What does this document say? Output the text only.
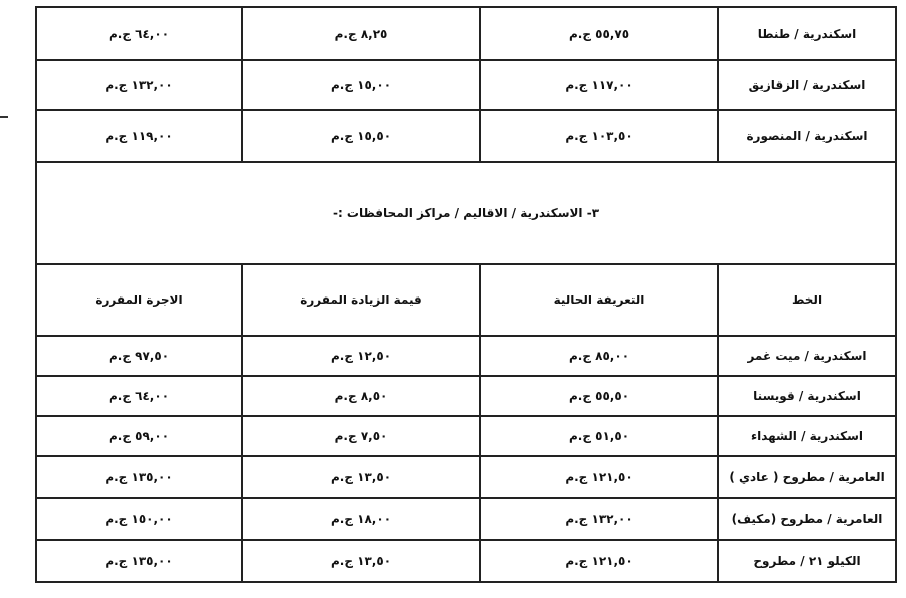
اسكندرية / طنطا	٥٥,٧٥ ج.م	٨,٢٥ ج.م	٦٤,٠٠ ج.م
اسكندرية / الزقازيق	١١٧,٠٠ ج.م	١٥,٠٠ ج.م	١٣٢,٠٠ ج.م
اسكندرية / المنصورة	١٠٣,٥٠ ج.م	١٥,٥٠ ج.م	١١٩,٠٠ ج.م
٣- الاسكندرية / الاقاليم / مراكز المحافظات :-			
الخط	التعريفة الحالية	قيمة الزيادة المقررة	الاجرة المقررة
اسكندرية / ميت غمر	٨٥,٠٠ ج.م	١٢,٥٠ ج.م	٩٧,٥٠ ج.م
اسكندرية / قويسنا	٥٥,٥٠ ج.م	٨,٥٠ ج.م	٦٤,٠٠ ج.م
اسكندرية / الشهداء	٥١,٥٠ ج.م	٧,٥٠ ج.م	٥٩,٠٠ ج.م
العامرية / مطروح ( عادي )	١٢١,٥٠ ج.م	١٣,٥٠ ج.م	١٣٥,٠٠ ج.م
العامرية / مطروح (مكيف)	١٣٢,٠٠ ج.م	١٨,٠٠ ج.م	١٥٠,٠٠ ج.م
الكيلو ٢١ / مطروح	١٢١,٥٠ ج.م	١٣,٥٠ ج.م	١٣٥,٠٠ ج.م
